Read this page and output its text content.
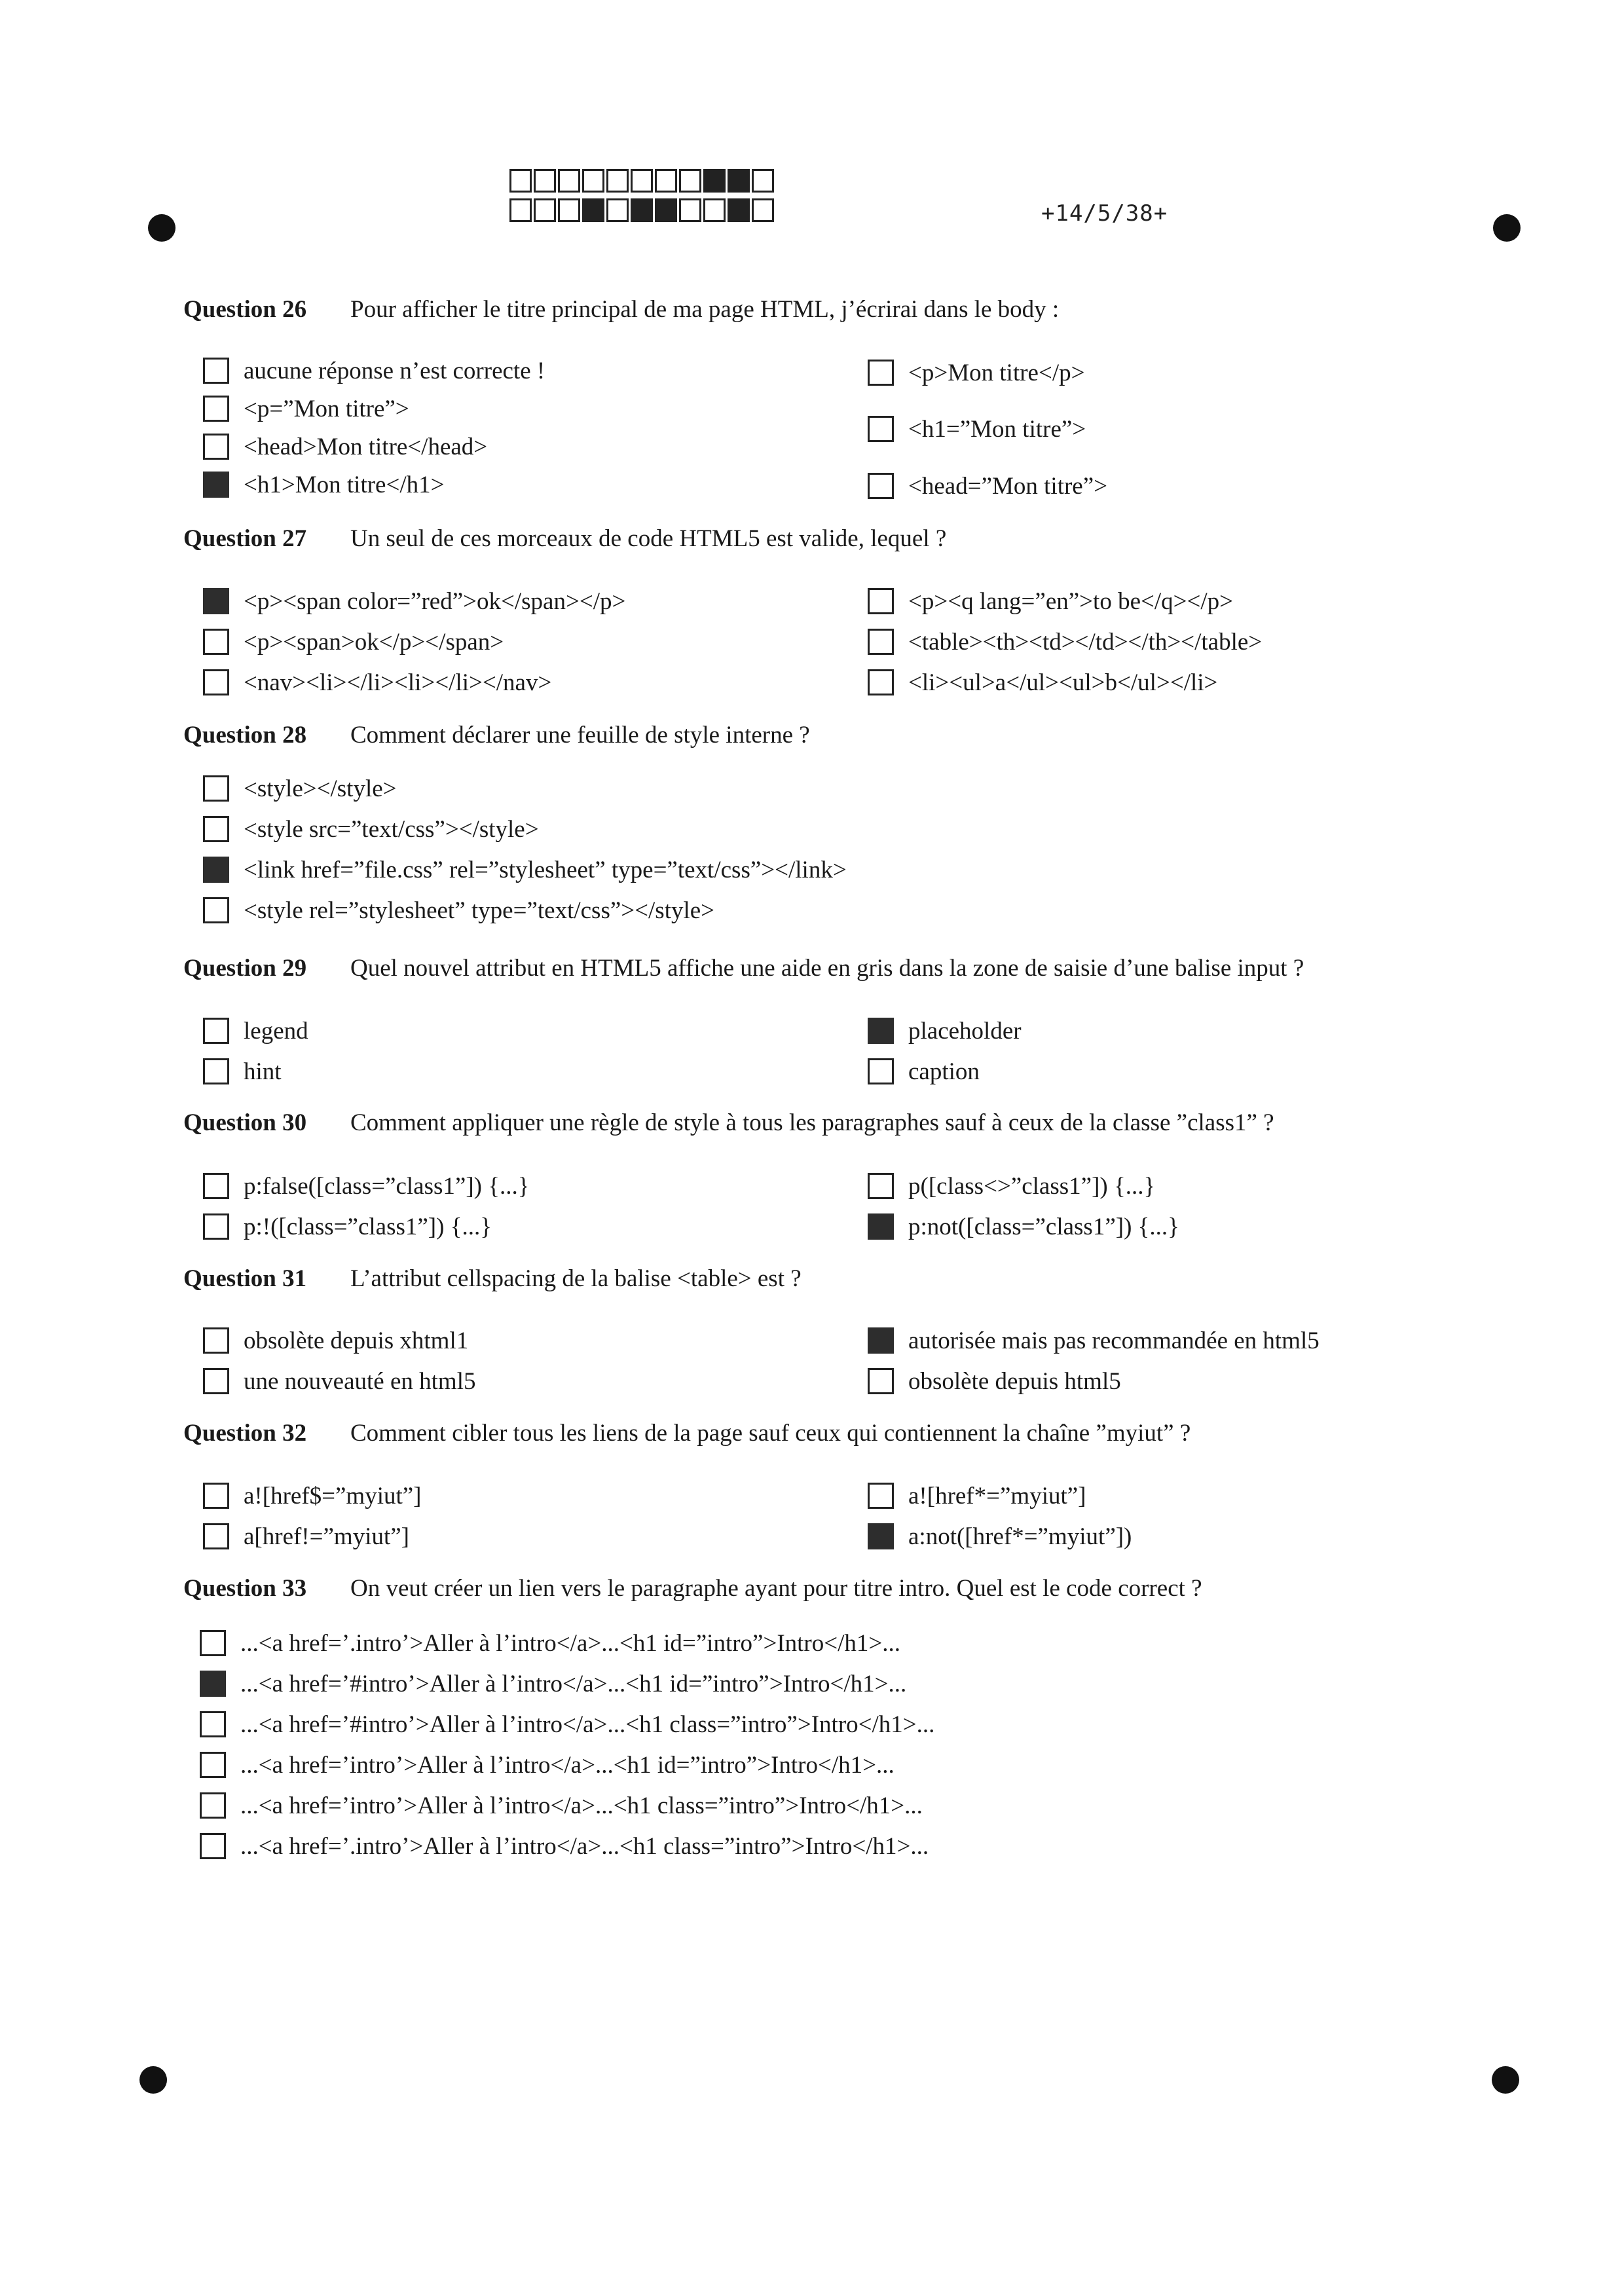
+14/5/38+
Question 26 Pour afficher le titre principal de ma page HTML, j’écrirai dans le body :
aucune réponse n’est correcte !
<p=”Mon titre”>
<head>Mon titre</head>
<h1>Mon titre</h1>
<p>Mon titre</p>
<h1=”Mon titre”>
<head=”Mon titre”>
Question 27 Un seul de ces morceaux de code HTML5 est valide, lequel ?
<p><span color=”red”>ok</span></p>
<p><span>ok</p></span>
<nav><li></li><li></li></nav>
<p><q lang=”en”>to be</q></p>
<table><th><td></td></th></table>
<li><ul>a</ul><ul>b</ul></li>
Question 28 Comment déclarer une feuille de style interne ?
<style></style>
<style src=”text/css”></style>
<link href=”file.css” rel=”stylesheet” type=”text/css”></link>
<style rel=”stylesheet” type=”text/css”></style>
Question 29 Quel nouvel attribut en HTML5 affiche une aide en gris dans la zone de saisie d’une balise input ?
legend
hint
placeholder
caption
Question 30 Comment appliquer une règle de style à tous les paragraphes sauf à ceux de la classe ”class1” ?
p:false([class=”class1”]) {...}
p:!([class=”class1”]) {...}
p([class<>”class1”]) {...}
p:not([class=”class1”]) {...}
Question 31 L’attribut cellspacing de la balise <table> est ?
obsolète depuis xhtml1
une nouveauté en html5
autorisée mais pas recommandée en html5
obsolète depuis html5
Question 32 Comment cibler tous les liens de la page sauf ceux qui contiennent la chaîne ”myiut” ?
a![href$=”myiut”]
a[href!=”myiut”]
a![href*=”myiut”]
a:not([href*=”myiut”])
Question 33 On veut créer un lien vers le paragraphe ayant pour titre intro. Quel est le code correct ?
...<a href=’.intro’>Aller à l’intro</a>...<h1 id=”intro”>Intro</h1>...
...<a href=’#intro’>Aller à l’intro</a>...<h1 id=”intro”>Intro</h1>...
...<a href=’#intro’>Aller à l’intro</a>...<h1 class=”intro”>Intro</h1>...
...<a href=’intro’>Aller à l’intro</a>...<h1 id=”intro”>Intro</h1>...
...<a href=’intro’>Aller à l’intro</a>...<h1 class=”intro”>Intro</h1>...
...<a href=’.intro’>Aller à l’intro</a>...<h1 class=”intro”>Intro</h1>...
